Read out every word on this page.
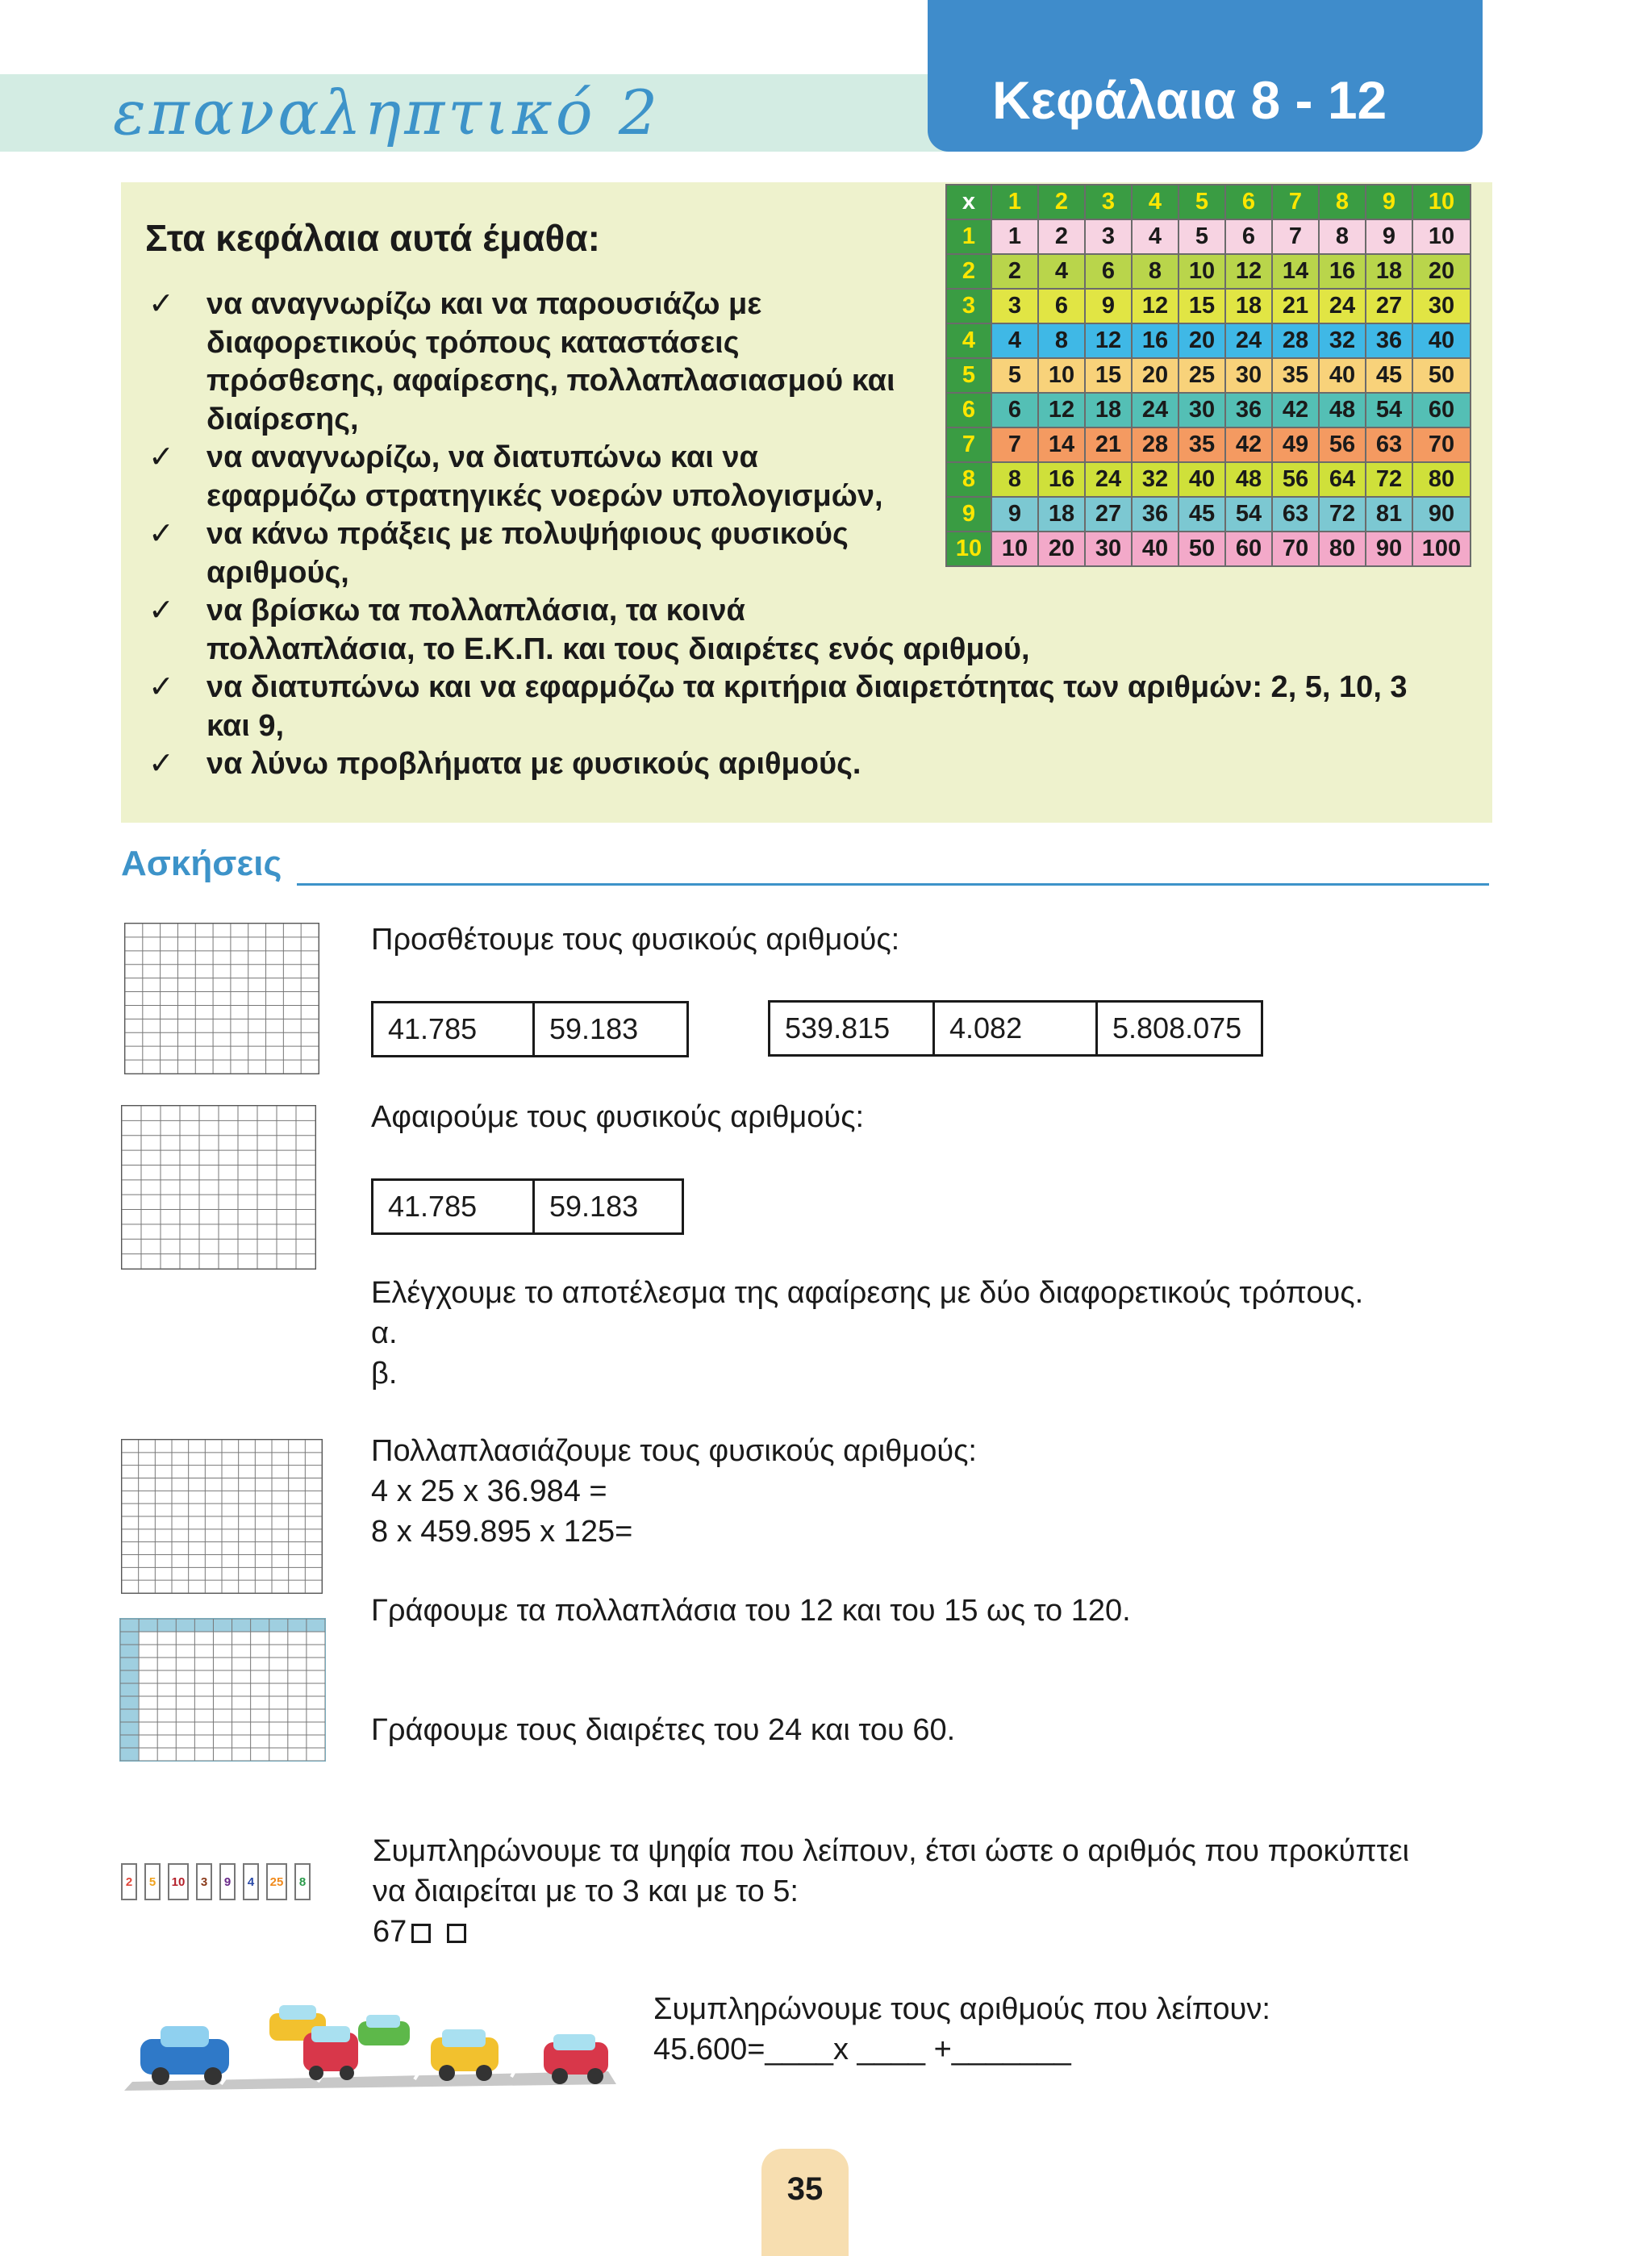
επαναληπτικό 2	Κεφάλαια 8 - 12
Στα κεφάλαια αυτά έμαθα:
✓ να αναγνωρίζω και να παρουσιάζω με
διαφορετικούς τρόπους καταστάσεις
πρόσθεσης, αφαίρεσης, πολλαπλασιασμού και
διαίρεσης,
✓ να αναγνωρίζω, να διατυπώνω και να
εφαρμόζω στρατηγικές νοερών υπολογισμών,
✓ να κάνω πράξεις με πολυψήφιους φυσικούς
αριθμούς,
✓ να βρίσκω τα πολλαπλάσια, τα κοινά
πολλαπλάσια, το Ε.Κ.Π. και τους διαιρέτες ενός αριθμού,
✓ να διατυπώνω και να εφαρμόζω τα κριτήρια διαιρετότητας των αριθμών: 2, 5, 10, 3
και 9,
✓ να λύνω προβλήματα με φυσικούς αριθμούς.
x	1	2	3	4	5	6	7	8	9	10
1	1	2	3	4	5	6	7	8	9	10
2	2	4	6	8	10	12	14	16	18	20
3	3	6	9	12	15	18	21	24	27	30
4	4	8	12	16	20	24	28	32	36	40
5	5	10	15	20	25	30	35	40	45	50
6	6	12	18	24	30	36	42	48	54	60
7	7	14	21	28	35	42	49	56	63	70
8	8	16	24	32	40	48	56	64	72	80
9	9	18	27	36	45	54	63	72	81	90
10	10	20	30	40	50	60	70	80	90	100
Ασκήσεις
Προσθέτουμε τους φυσικούς αριθμούς:
41.785	59.183	539.815	4.082	5.808.075
Αφαιρούμε τους φυσικούς αριθμούς:
41.785	59.183
Ελέγχουμε το αποτέλεσμα της αφαίρεσης με δύο διαφορετικούς τρόπους.
α.
β.
Πολλαπλασιάζουμε τους φυσικούς αριθμούς:
4 x 25 x 36.984 =
8 x 459.895 x 125=
Γράφουμε τα πολλαπλάσια του 12 και του 15 ως το 120.
Γράφουμε τους διαιρέτες του 24 και του 60.
2	5	10	3	9	4	25	8
Συμπληρώνουμε τα ψηφία που λείπουν, έτσι ώστε ο αριθμός που προκύπτει
να διαιρείται με το 3 και με το 5:
67
Συμπληρώνουμε τους αριθμούς που λείπουν:
45.600=____x ____ +_______
35
